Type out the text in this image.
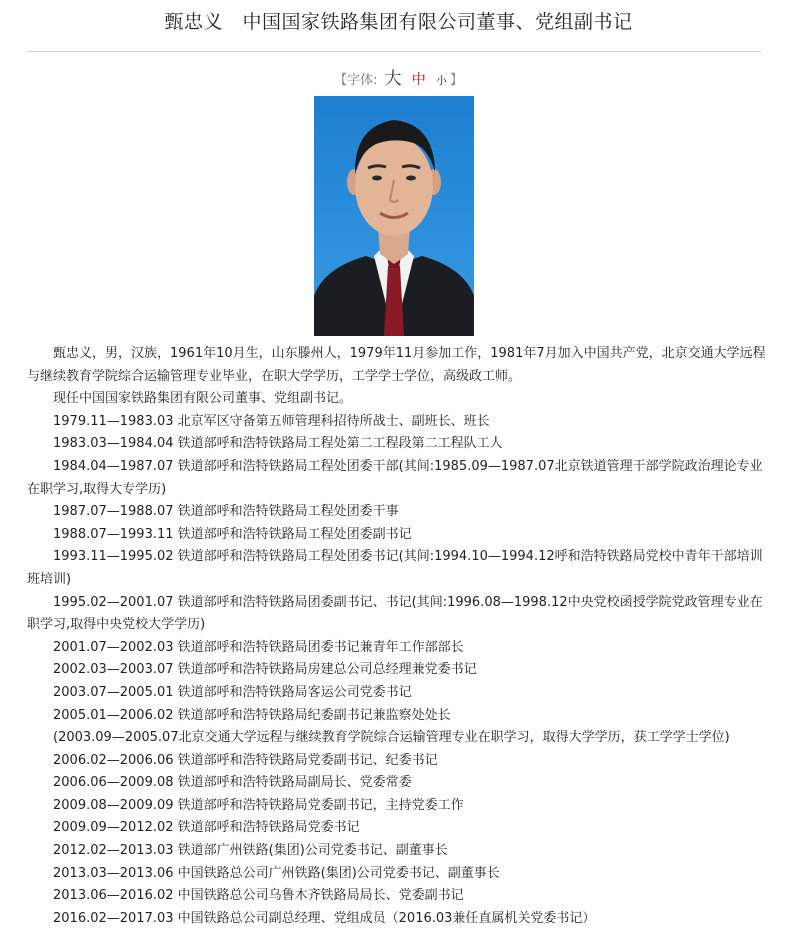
甄忠义　中国国家铁路集团有限公司董事、党组副书记
【字体: 大 中 小 】

甄忠义，男，汉族，1961年10月生，山东滕州人，1979年11月参加工作，1981年7月加入中国共产党，北京交通大学远程与继续教育学院综合运输管理专业毕业，在职大学学历，工学学士学位，高级政工师。

现任中国国家铁路集团有限公司董事、党组副书记。

1979.11—1983.03 北京军区守备第五师管理科招待所战士、副班长、班长

1983.03—1984.04 铁道部呼和浩特铁路局工程处第二工程段第二工程队工人

1984.04—1987.07 铁道部呼和浩特铁路局工程处团委干部(其间:1985.09—1987.07北京铁道管理干部学院政治理论专业在职学习,取得大专学历)

1987.07—1988.07 铁道部呼和浩特铁路局工程处团委干事

1988.07—1993.11 铁道部呼和浩特铁路局工程处团委副书记

1993.11—1995.02 铁道部呼和浩特铁路局工程处团委书记(其间:1994.10—1994.12呼和浩特铁路局党校中青年干部培训班培训)

1995.02—2001.07 铁道部呼和浩特铁路局团委副书记、书记(其间:1996.08—1998.12中央党校函授学院党政管理专业在职学习,取得中央党校大学学历)

2001.07—2002.03 铁道部呼和浩特铁路局团委书记兼青年工作部部长

2002.03—2003.07 铁道部呼和浩特铁路局房建总公司总经理兼党委书记

2003.07—2005.01 铁道部呼和浩特铁路局客运公司党委书记

2005.01—2006.02 铁道部呼和浩特铁路局纪委副书记兼监察处处长

(2003.09—2005.07北京交通大学远程与继续教育学院综合运输管理专业在职学习，取得大学学历，获工学学士学位)

2006.02—2006.06 铁道部呼和浩特铁路局党委副书记、纪委书记

2006.06—2009.08 铁道部呼和浩特铁路局副局长、党委常委

2009.08—2009.09 铁道部呼和浩特铁路局党委副书记，主持党委工作

2009.09—2012.02 铁道部呼和浩特铁路局党委书记

2012.02—2013.03 铁道部广州铁路(集团)公司党委书记、副董事长

2013.03—2013.06 中国铁路总公司广州铁路(集团)公司党委书记、副董事长

2013.06—2016.02 中国铁路总公司乌鲁木齐铁路局局长、党委副书记

2016.02—2017.03 中国铁路总公司副总经理、党组成员（2016.03兼任直属机关党委书记）
